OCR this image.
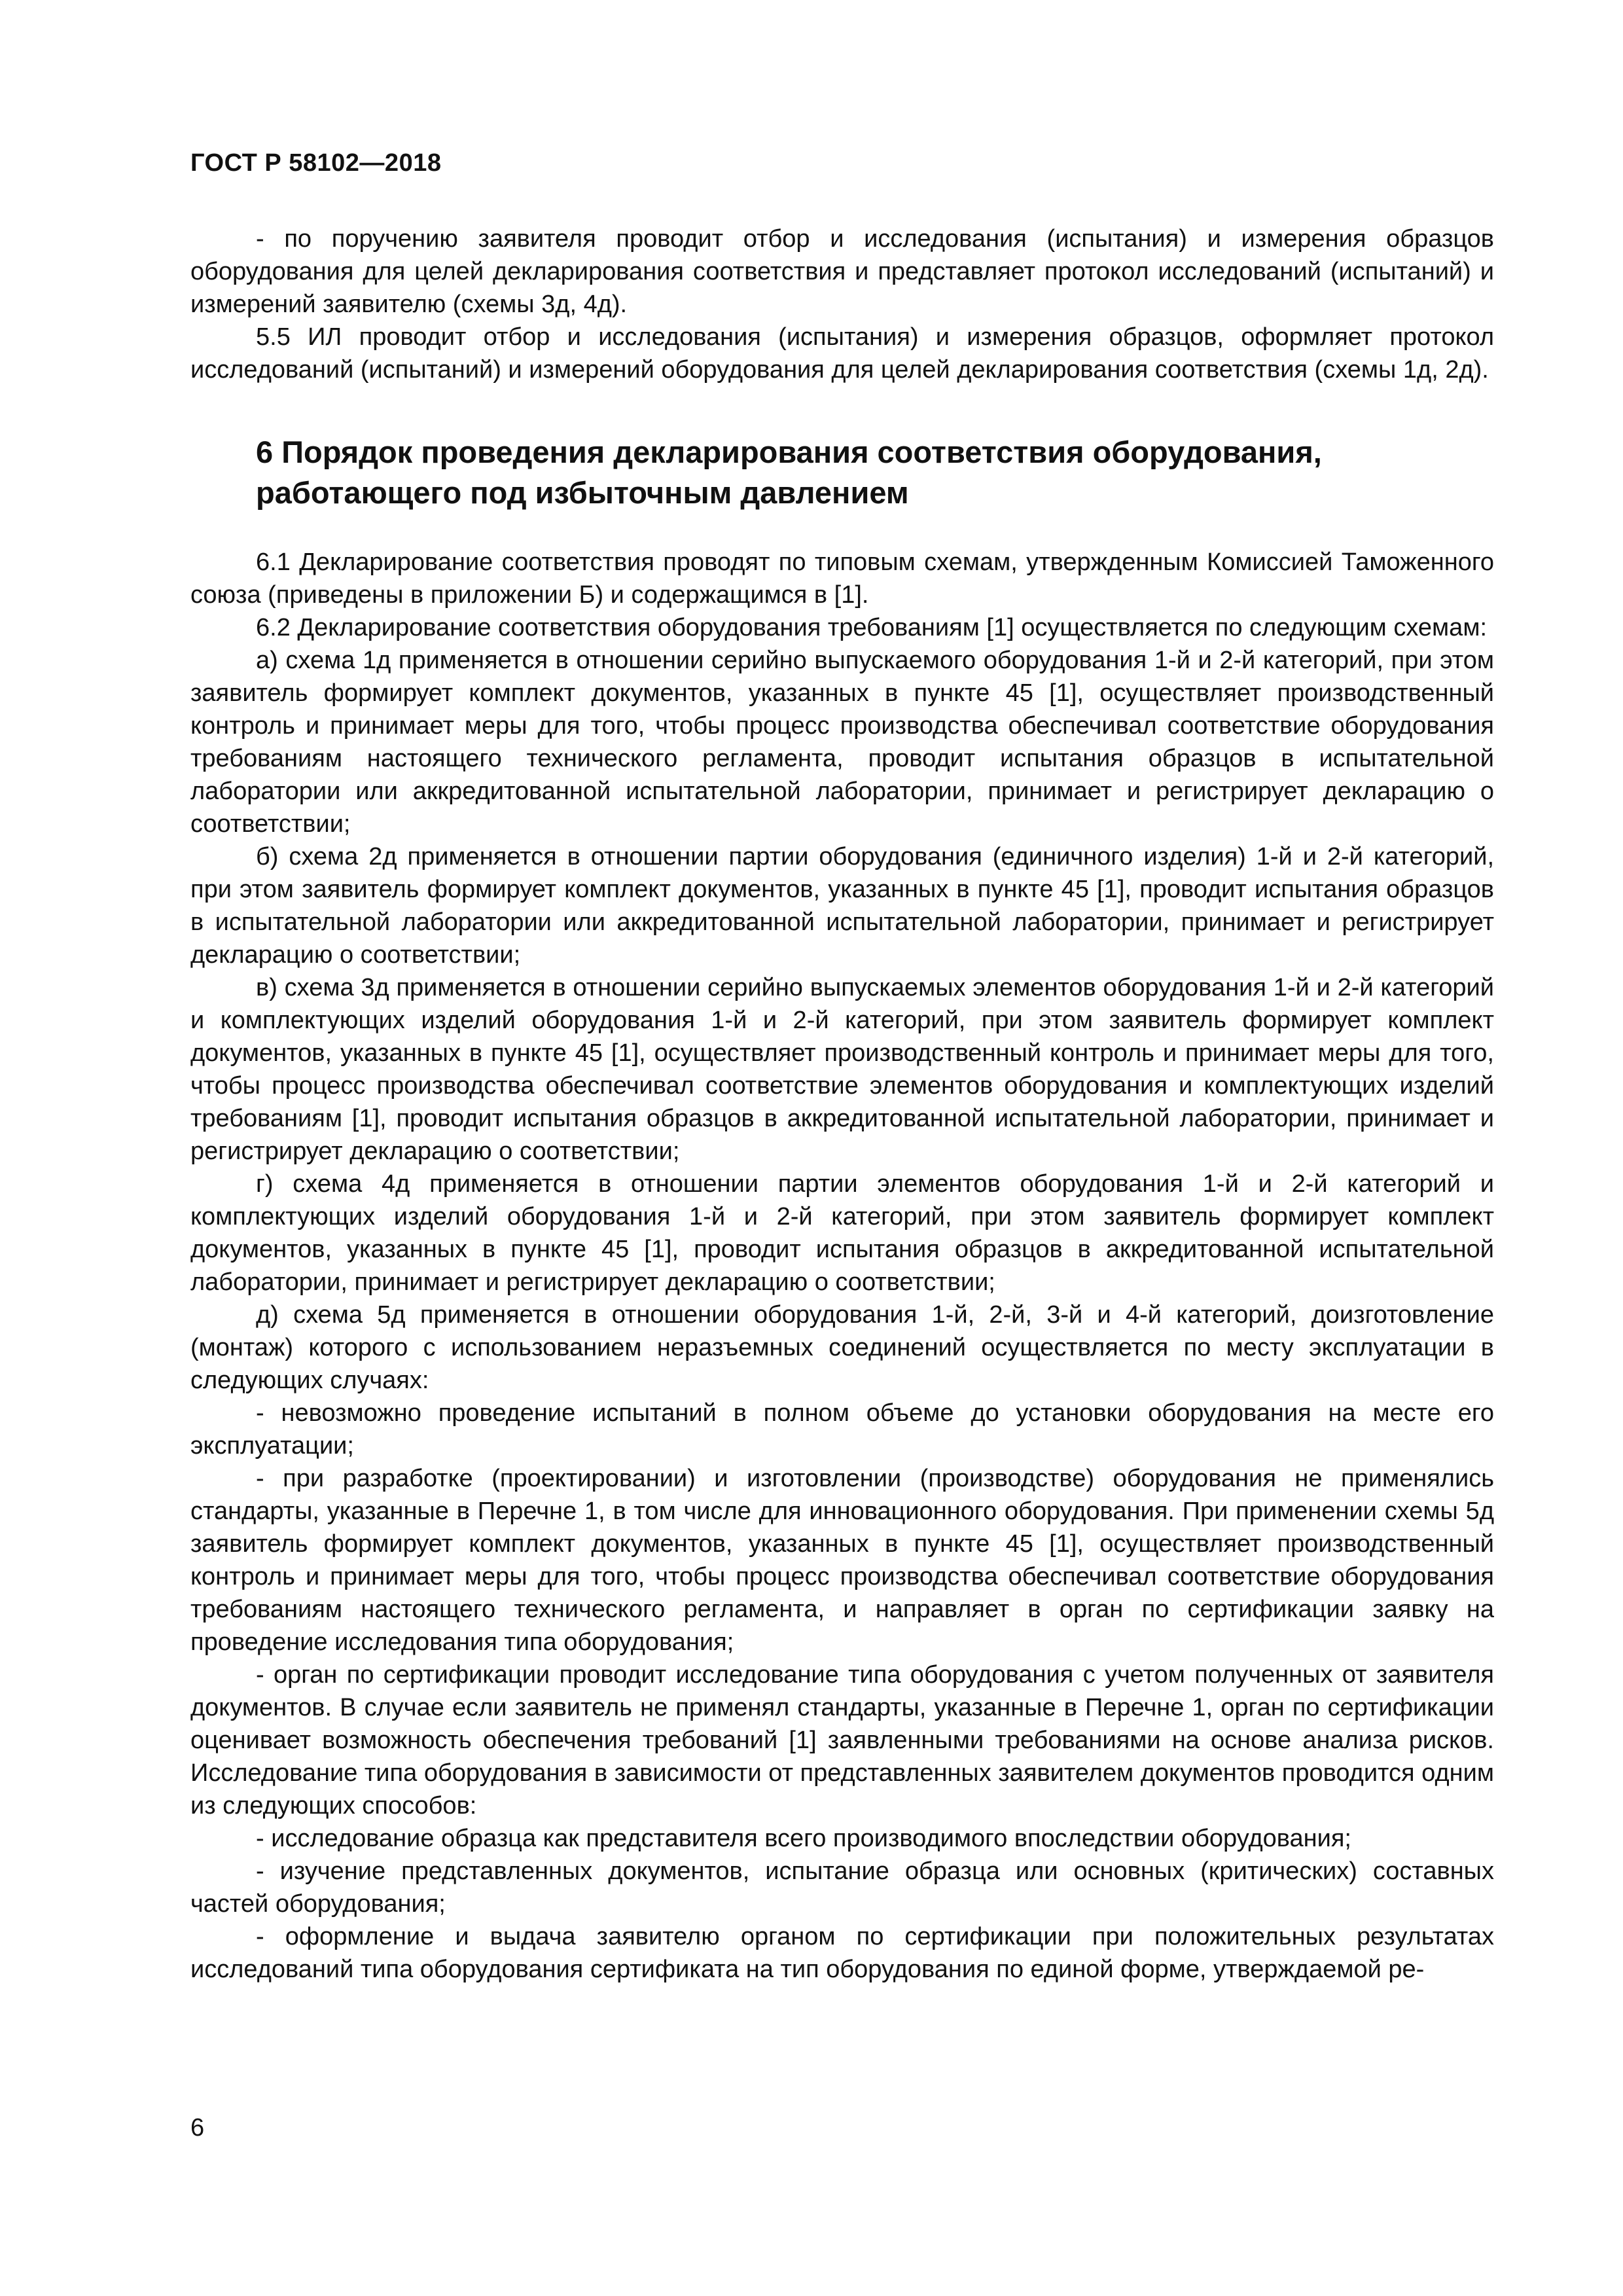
ГОСТ Р 58102—2018

- по поручению заявителя проводит отбор и исследования (испытания) и измерения образцов оборудования для целей декларирования соответствия и представляет протокол исследований (испытаний) и измерений заявителю (схемы 3д, 4д).

5.5 ИЛ проводит отбор и исследования (испытания) и измерения образцов, оформляет протокол исследований (испытаний) и измерений оборудования для целей декларирования соответствия (схемы 1д, 2д).

6 Порядок проведения декларирования соответствия оборудования,
работающего под избыточным давлением

6.1 Декларирование соответствия проводят по типовым схемам, утвержденным Комиссией Таможенного союза (приведены в приложении Б) и содержащимся в [1].

6.2 Декларирование соответствия оборудования требованиям [1] осуществляется по следующим схемам:

а) схема 1д применяется в отношении серийно выпускаемого оборудования 1-й и 2-й категорий, при этом заявитель формирует комплект документов, указанных в пункте 45 [1], осуществляет производственный контроль и принимает меры для того, чтобы процесс производства обеспечивал соответствие оборудования требованиям настоящего технического регламента, проводит испытания образцов в испытательной лаборатории или аккредитованной испытательной лаборатории, принимает и регистрирует декларацию о соответствии;

б) схема 2д применяется в отношении партии оборудования (единичного изделия) 1-й и 2-й категорий, при этом заявитель формирует комплект документов, указанных в пункте 45 [1], проводит испытания образцов в испытательной лаборатории или аккредитованной испытательной лаборатории, принимает и регистрирует декларацию о соответствии;

в) схема 3д применяется в отношении серийно выпускаемых элементов оборудования 1-й и 2-й категорий и комплектующих изделий оборудования 1-й и 2-й категорий, при этом заявитель формирует комплект документов, указанных в пункте 45 [1], осуществляет производственный контроль и принимает меры для того, чтобы процесс производства обеспечивал соответствие элементов оборудования и комплектующих изделий требованиям [1], проводит испытания образцов в аккредитованной испытательной лаборатории, принимает и регистрирует декларацию о соответствии;

г) схема 4д применяется в отношении партии элементов оборудования 1-й и 2-й категорий и комплектующих изделий оборудования 1-й и 2-й категорий, при этом заявитель формирует комплект документов, указанных в пункте 45 [1], проводит испытания образцов в аккредитованной испытательной лаборатории, принимает и регистрирует декларацию о соответствии;

д) схема 5д применяется в отношении оборудования 1-й, 2-й, 3-й и 4-й категорий, доизготовление (монтаж) которого с использованием неразъемных соединений осуществляется по месту эксплуатации в следующих случаях:

- невозможно проведение испытаний в полном объеме до установки оборудования на месте его эксплуатации;

- при разработке (проектировании) и изготовлении (производстве) оборудования не применялись стандарты, указанные в Перечне 1, в том числе для инновационного оборудования. При применении схемы 5д заявитель формирует комплект документов, указанных в пункте 45 [1], осуществляет производственный контроль и принимает меры для того, чтобы процесс производства обеспечивал соответствие оборудования требованиям настоящего технического регламента, и направляет в орган по сертификации заявку на проведение исследования типа оборудования;

- орган по сертификации проводит исследование типа оборудования с учетом полученных от заявителя документов. В случае если заявитель не применял стандарты, указанные в Перечне 1, орган по сертификации оценивает возможность обеспечения требований [1] заявленными требованиями на основе анализа рисков. Исследование типа оборудования в зависимости от представленных заявителем документов проводится одним из следующих способов:

- исследование образца как представителя всего производимого впоследствии оборудования;

- изучение представленных документов, испытание образца или основных (критических) составных частей оборудования;

- оформление и выдача заявителю органом по сертификации при положительных результатах исследований типа оборудования сертификата на тип оборудования по единой форме, утверждаемой ре-

6
